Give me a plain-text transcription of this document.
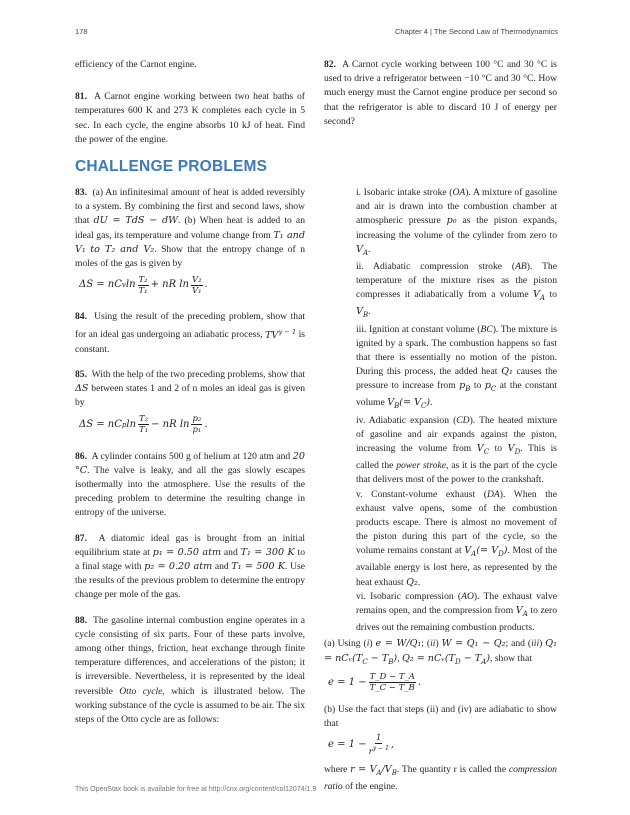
178	Chapter 4 | The Second Law of Thermodynamics

efficiency of the Carnot engine.

81. A Carnot engine working between two heat baths of temperatures 600 K and 273 K completes each cycle in 5 sec. In each cycle, the engine absorbs 10 kJ of heat. Find the power of the engine.

82. A Carnot cycle working between 100 °C and 30 °C is used to drive a refrigerator between −10 °C and 30 °C. How much energy must the Carnot engine produce per second so that the refrigerator is able to discard 10 J of energy per second?

CHALLENGE PROBLEMS

83. (a) An infinitesimal amount of heat is added reversibly to a system. By combining the first and second laws, show that dU = TdS − dW. (b) When heat is added to an ideal gas, its temperature and volume change from T₁ and V₁ to T₂ and V₂. Show that the entropy change of n moles of the gas is given by

ΔS = nC v $\ln \frac{\text{T₂}}{\text{T₁}}$ + nR $\ln \frac{\text{V₂}}{\text{V₁}}$ .

84. Using the result of the preceding problem, show that for an ideal gas undergoing an adiabatic process, $TV^{\gamma - 1}$ is constant.

85. With the help of the two preceding problems, show that ΔS between states 1 and 2 of n moles an ideal gas is given by

ΔS = nC p $\ln \frac{\text{T₂}}{\text{T₁}}$ − nR $\ln \frac{\text{p₂}}{\text{p₁}}$ .

86. A cylinder contains 500 g of helium at 120 atm and 20 °C. The valve is leaky, and all the gas slowly escapes isothermally into the atmosphere. Use the results of the preceding problem to determine the resulting change in entropy of the universe.

87. A diatomic ideal gas is brought from an initial equilibrium state at p₁ = 0.50 atm and T₁ = 300 K to a final stage with p₂ = 0.20 atm and T₁ = 500 K. Use the results of the previous problem to determine the entropy change per mole of the gas.

88. The gasoline internal combustion engine operates in a cycle consisting of six parts. Four of these parts involve, among other things, friction, heat exchange through finite temperature differences, and accelerations of the piston; it is irreversible. Nevertheless, it is represented by the ideal reversible Otto cycle, which is illustrated below. The working substance of the cycle is assumed to be air. The six steps of the Otto cycle are as follows:

i. Isobaric intake stroke (OA). A mixture of gasoline and air is drawn into the combustion chamber at atmospheric pressure p₀ as the piston expands, increasing the volume of the cylinder from zero to $V_A$.

ii. Adiabatic compression stroke (AB). The temperature of the mixture rises as the piston compresses it adiabatically from a volume $V_A$ to $V_B$.

iii. Ignition at constant volume (BC). The mixture is ignited by a spark. The combustion happens so fast that there is essentially no motion of the piston. During this process, the added heat Q₁ causes the pressure to increase from $p_B$ to $p_C$ at the constant volume $V_B(= V_C)$.

iv. Adiabatic expansion (CD). The heated mixture of gasoline and air expands against the piston, increasing the volume from $V_C$ to $V_D$. This is called the power stroke, as it is the part of the cycle that delivers most of the power to the crankshaft.

v. Constant-volume exhaust (DA). When the exhaust valve opens, some of the combustion products escape. There is almost no movement of the piston during this part of the cycle, so the volume remains constant at $V_A(= V_D)$. Most of the available energy is lost here, as represented by the heat exhaust Q₂.

vi. Isobaric compression (AO). The exhaust valve remains open, and the compression from $V_A$ to zero drives out the remaining combustion products.

(a) Using (i) e = W/Q₁; (ii) W = Q₁ − Q₂; and (iii) $Q_1 = nCᵥ(T_C - T_B)$, $Q_2 = nCᵥ(T_D - T_A)$, show that

$e = 1 - \frac{T\_D - T\_A}{T\_C - T\_B}$ .

(b) Use the fact that steps (ii) and (iv) are adiabatic to show that

$e = 1 - \frac{1}{r^{\gamma - 1}}$ ,

where $r = V_A/V_B$. The quantity r is called the compression ratio of the engine.

This OpenStax book is available for free at http://cnx.org/content/col12074/1.9
